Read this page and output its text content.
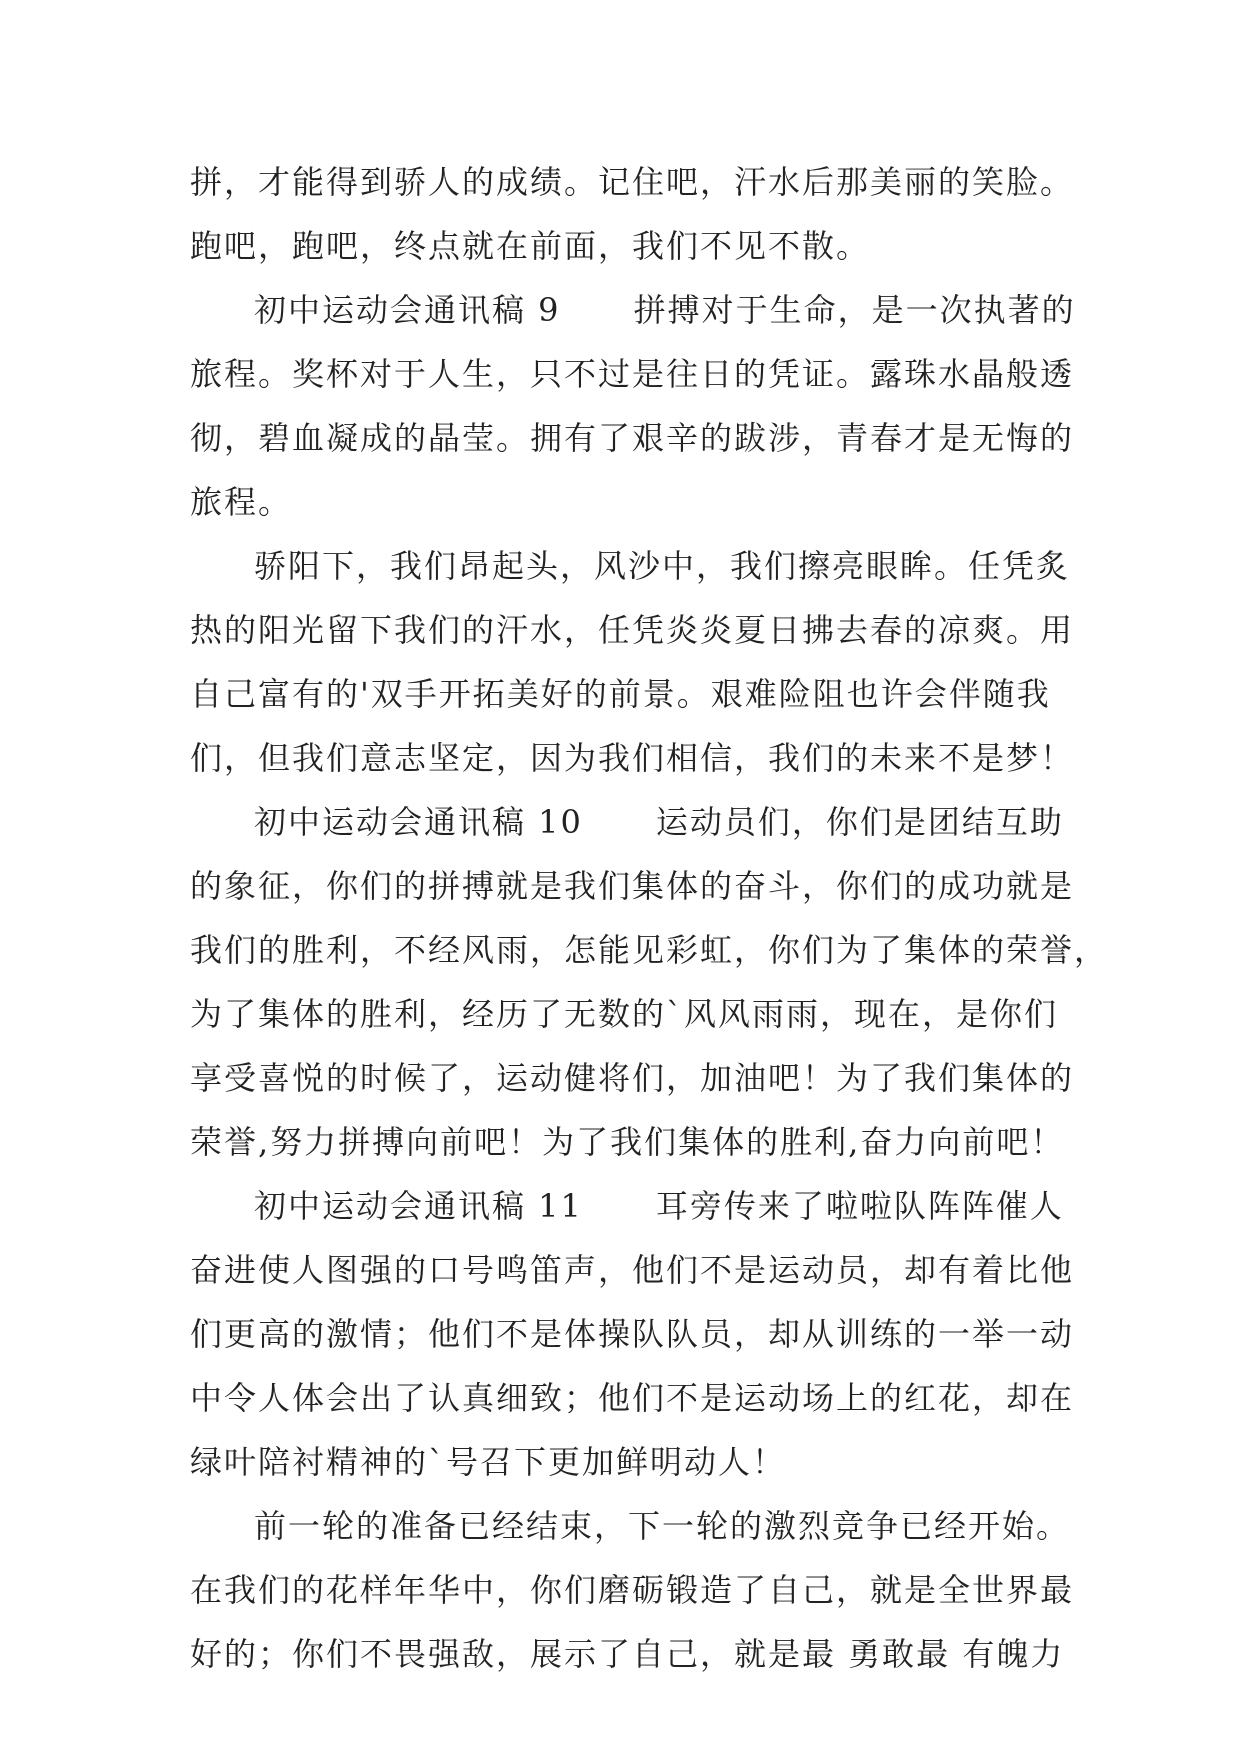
拼，才能得到骄人的成绩。记住吧，汗水后那美丽的笑脸。
跑吧，跑吧，终点就在前面，我们不见不散。
初中运动会通讯稿 9      拼搏对于生命，是一次执著的
旅程。奖杯对于人生，只不过是往日的凭证。露珠水晶般透
彻，碧血凝成的晶莹。拥有了艰辛的跋涉，青春才是无悔的
旅程。
骄阳下，我们昂起头，风沙中，我们擦亮眼眸。任凭炙
热的阳光留下我们的汗水，任凭炎炎夏日拂去春的凉爽。用
自己富有的'双手开拓美好的前景。艰难险阻也许会伴随我
们，但我们意志坚定，因为我们相信，我们的未来不是梦！
初中运动会通讯稿 10      运动员们，你们是团结互助
的象征，你们的拼搏就是我们集体的奋斗，你们的成功就是
我们的胜利，不经风雨，怎能见彩虹，你们为了集体的荣誉，
为了集体的胜利，经历了无数的`风风雨雨，现在，是你们
享受喜悦的时候了，运动健将们，加油吧！为了我们集体的
荣誉,努力拼搏向前吧！为了我们集体的胜利,奋力向前吧！
初中运动会通讯稿 11      耳旁传来了啦啦队阵阵催人
奋进使人图强的口号鸣笛声，他们不是运动员，却有着比他
们更高的激情；他们不是体操队队员，却从训练的一举一动
中令人体会出了认真细致；他们不是运动场上的红花，却在
绿叶陪衬精神的`号召下更加鲜明动人！
前一轮的准备已经结束，下一轮的激烈竞争已经开始。
在我们的花样年华中，你们磨砺锻造了自己，就是全世界最
好的；你们不畏强敌，展示了自己，就是最 勇敢最 有魄力
